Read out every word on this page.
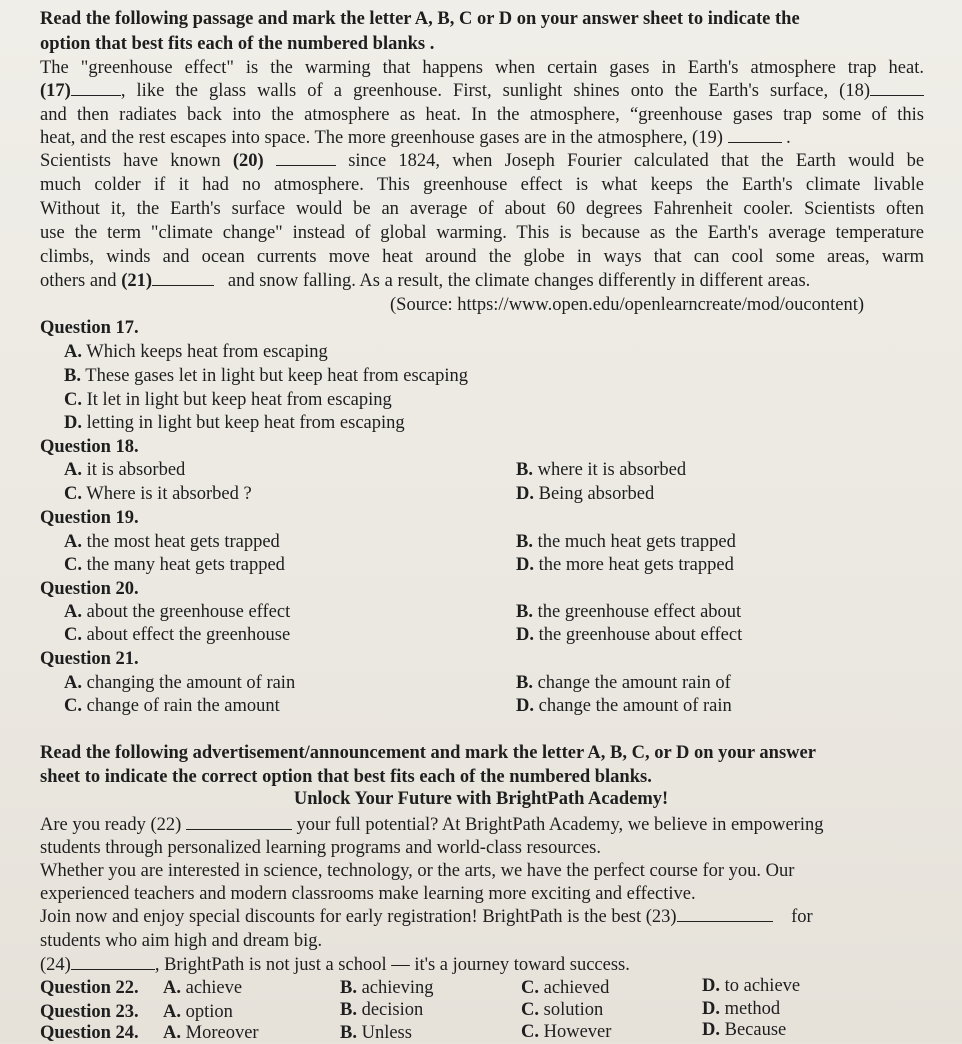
Read the following passage and mark the letter A, B, C or D on your answer sheet to indicate the
option that best fits each of the numbered blanks .
The "greenhouse effect" is the warming that happens when certain gases in Earth's atmosphere trap heat.
(17)	, like the glass walls of a greenhouse. First, sunlight shines onto the Earth's surface, (18)
and then radiates back into the atmosphere as heat. In the atmosphere, “greenhouse gases trap some of this
heat, and the rest escapes into space. The more greenhouse gases are in the atmosphere, (19)	.
Scientists have known (20)	since 1824, when Joseph Fourier calculated that the Earth would be
much colder if it had no atmosphere. This greenhouse effect is what keeps the Earth's climate livable
Without it, the Earth's surface would be an average of about 60 degrees Fahrenheit cooler. Scientists often
use the term "climate change" instead of global warming. This is because as the Earth's average temperature
climbs, winds and ocean currents move heat around the globe in ways that can cool some areas, warm
others and (21)	and snow falling. As a result, the climate changes differently in different areas.
(Source: https://www.open.edu/openlearncreate/mod/oucontent)
Question 17.
A. Which keeps heat from escaping
B. These gases let in light but keep heat from escaping
C. It let in light but keep heat from escaping
D. letting in light but keep heat from escaping
Question 18.
A. it is absorbed	B. where it is absorbed
C. Where is it absorbed ?	D. Being absorbed
Question 19.
A. the most heat gets trapped	B. the much heat gets trapped
C. the many heat gets trapped	D. the more heat gets trapped
Question 20.
A. about the greenhouse effect	B. the greenhouse effect about
C. about effect the greenhouse	D. the greenhouse about effect
Question 21.
A. changing the amount of rain	B. change the amount rain of
C. change of rain the amount	D. change the amount of rain
Read the following advertisement/announcement and mark the letter A, B, C, or D on your answer
sheet to indicate the correct option that best fits each of the numbered blanks.
Unlock Your Future with BrightPath Academy!
Are you ready (22)	your full potential? At BrightPath Academy, we believe in empowering
students through personalized learning programs and world-class resources.
Whether you are interested in science, technology, or the arts, we have the perfect course for you. Our
experienced teachers and modern classrooms make learning more exciting and effective.
Join now and enjoy special discounts for early registration! BrightPath is the best (23)	for
students who aim high and dream big.
(24)	, BrightPath is not just a school — it's a journey toward success.
Question 22. A. achieve	B. achieving	C. achieved	D. to achieve
Question 23. A. option	B. decision	C. solution	D. method
Question 24. A. Moreover	B. Unless	C. However	D. Because
